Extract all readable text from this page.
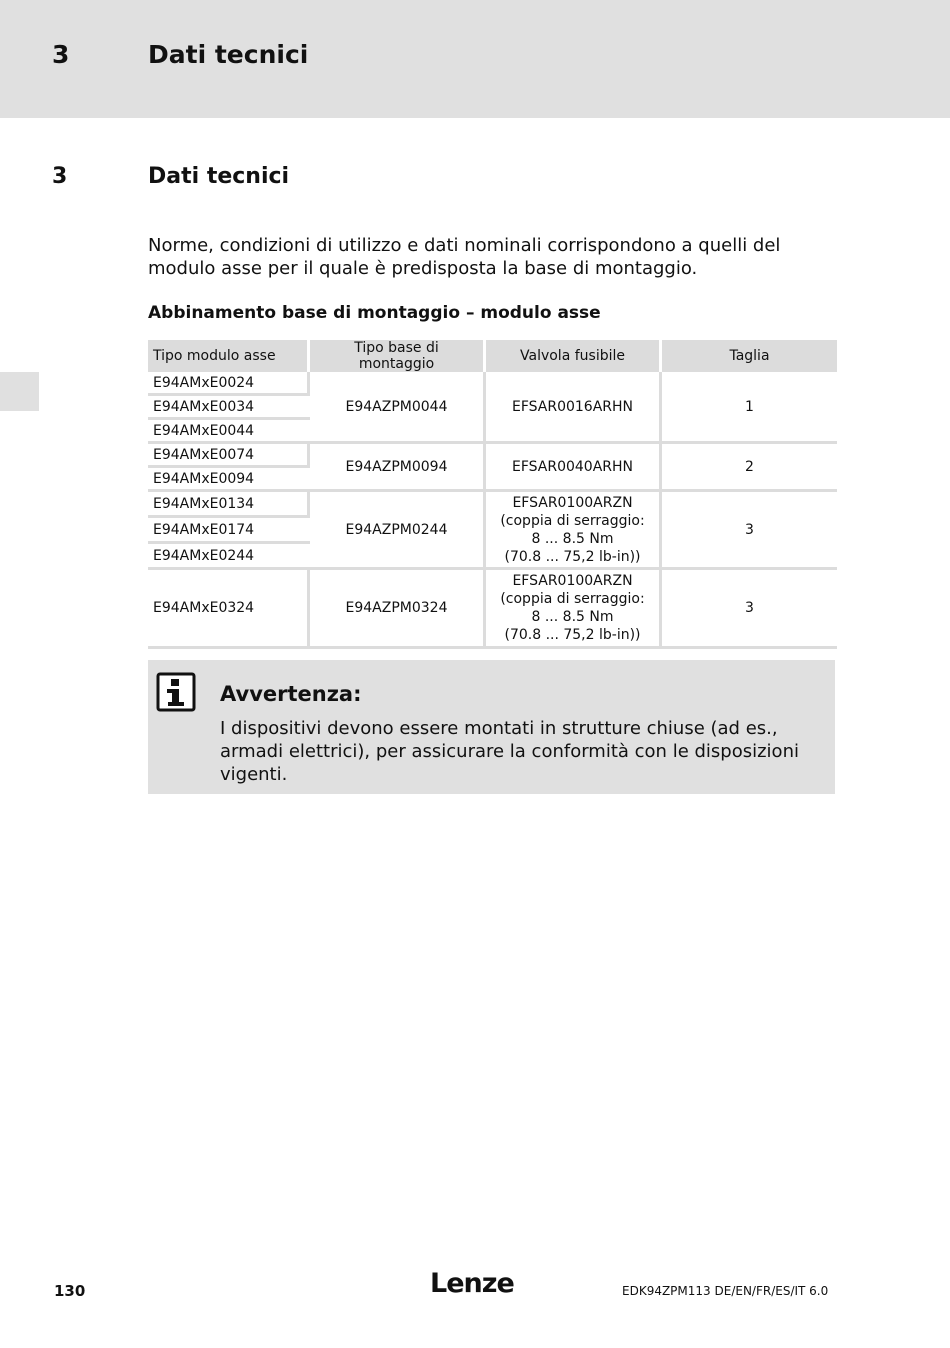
3	Dati tecnici
3	Dati tecnici

Norme, condizioni di utilizzo e dati nominali corrispondono a quelli del modulo asse per il quale è predisposta la base di montaggio.

Abbinamento base di montaggio – modulo asse
Tipo modulo asse	Tipo base di montaggio	Valvola fusibile	Taglia
E94AMxE0024	E94AZPM0044	EFSAR0016ARHN	1
E94AMxE0034			
E94AMxE0044			
E94AMxE0074	E94AZPM0094	EFSAR0040ARHN	2
E94AMxE0094			
E94AMxE0134	E94AZPM0244	EFSAR0100ARZN
(coppia di serraggio:
8 ... 8.5 Nm
(70.8 ... 75,2 lb-in))	3
E94AMxE0174			
E94AMxE0244			
E94AMxE0324	E94AZPM0324	EFSAR0100ARZN
(coppia di serraggio:
8 ... 8.5 Nm
(70.8 ... 75,2 lb-in))	3
Avvertenza:

I dispositivi devono essere montati in strutture chiuse (ad es., armadi elettrici), per assicurare la conformità con le disposizioni vigenti.

130	Lenze	EDK94ZPM113 DE/EN/FR/ES/IT 6.0
